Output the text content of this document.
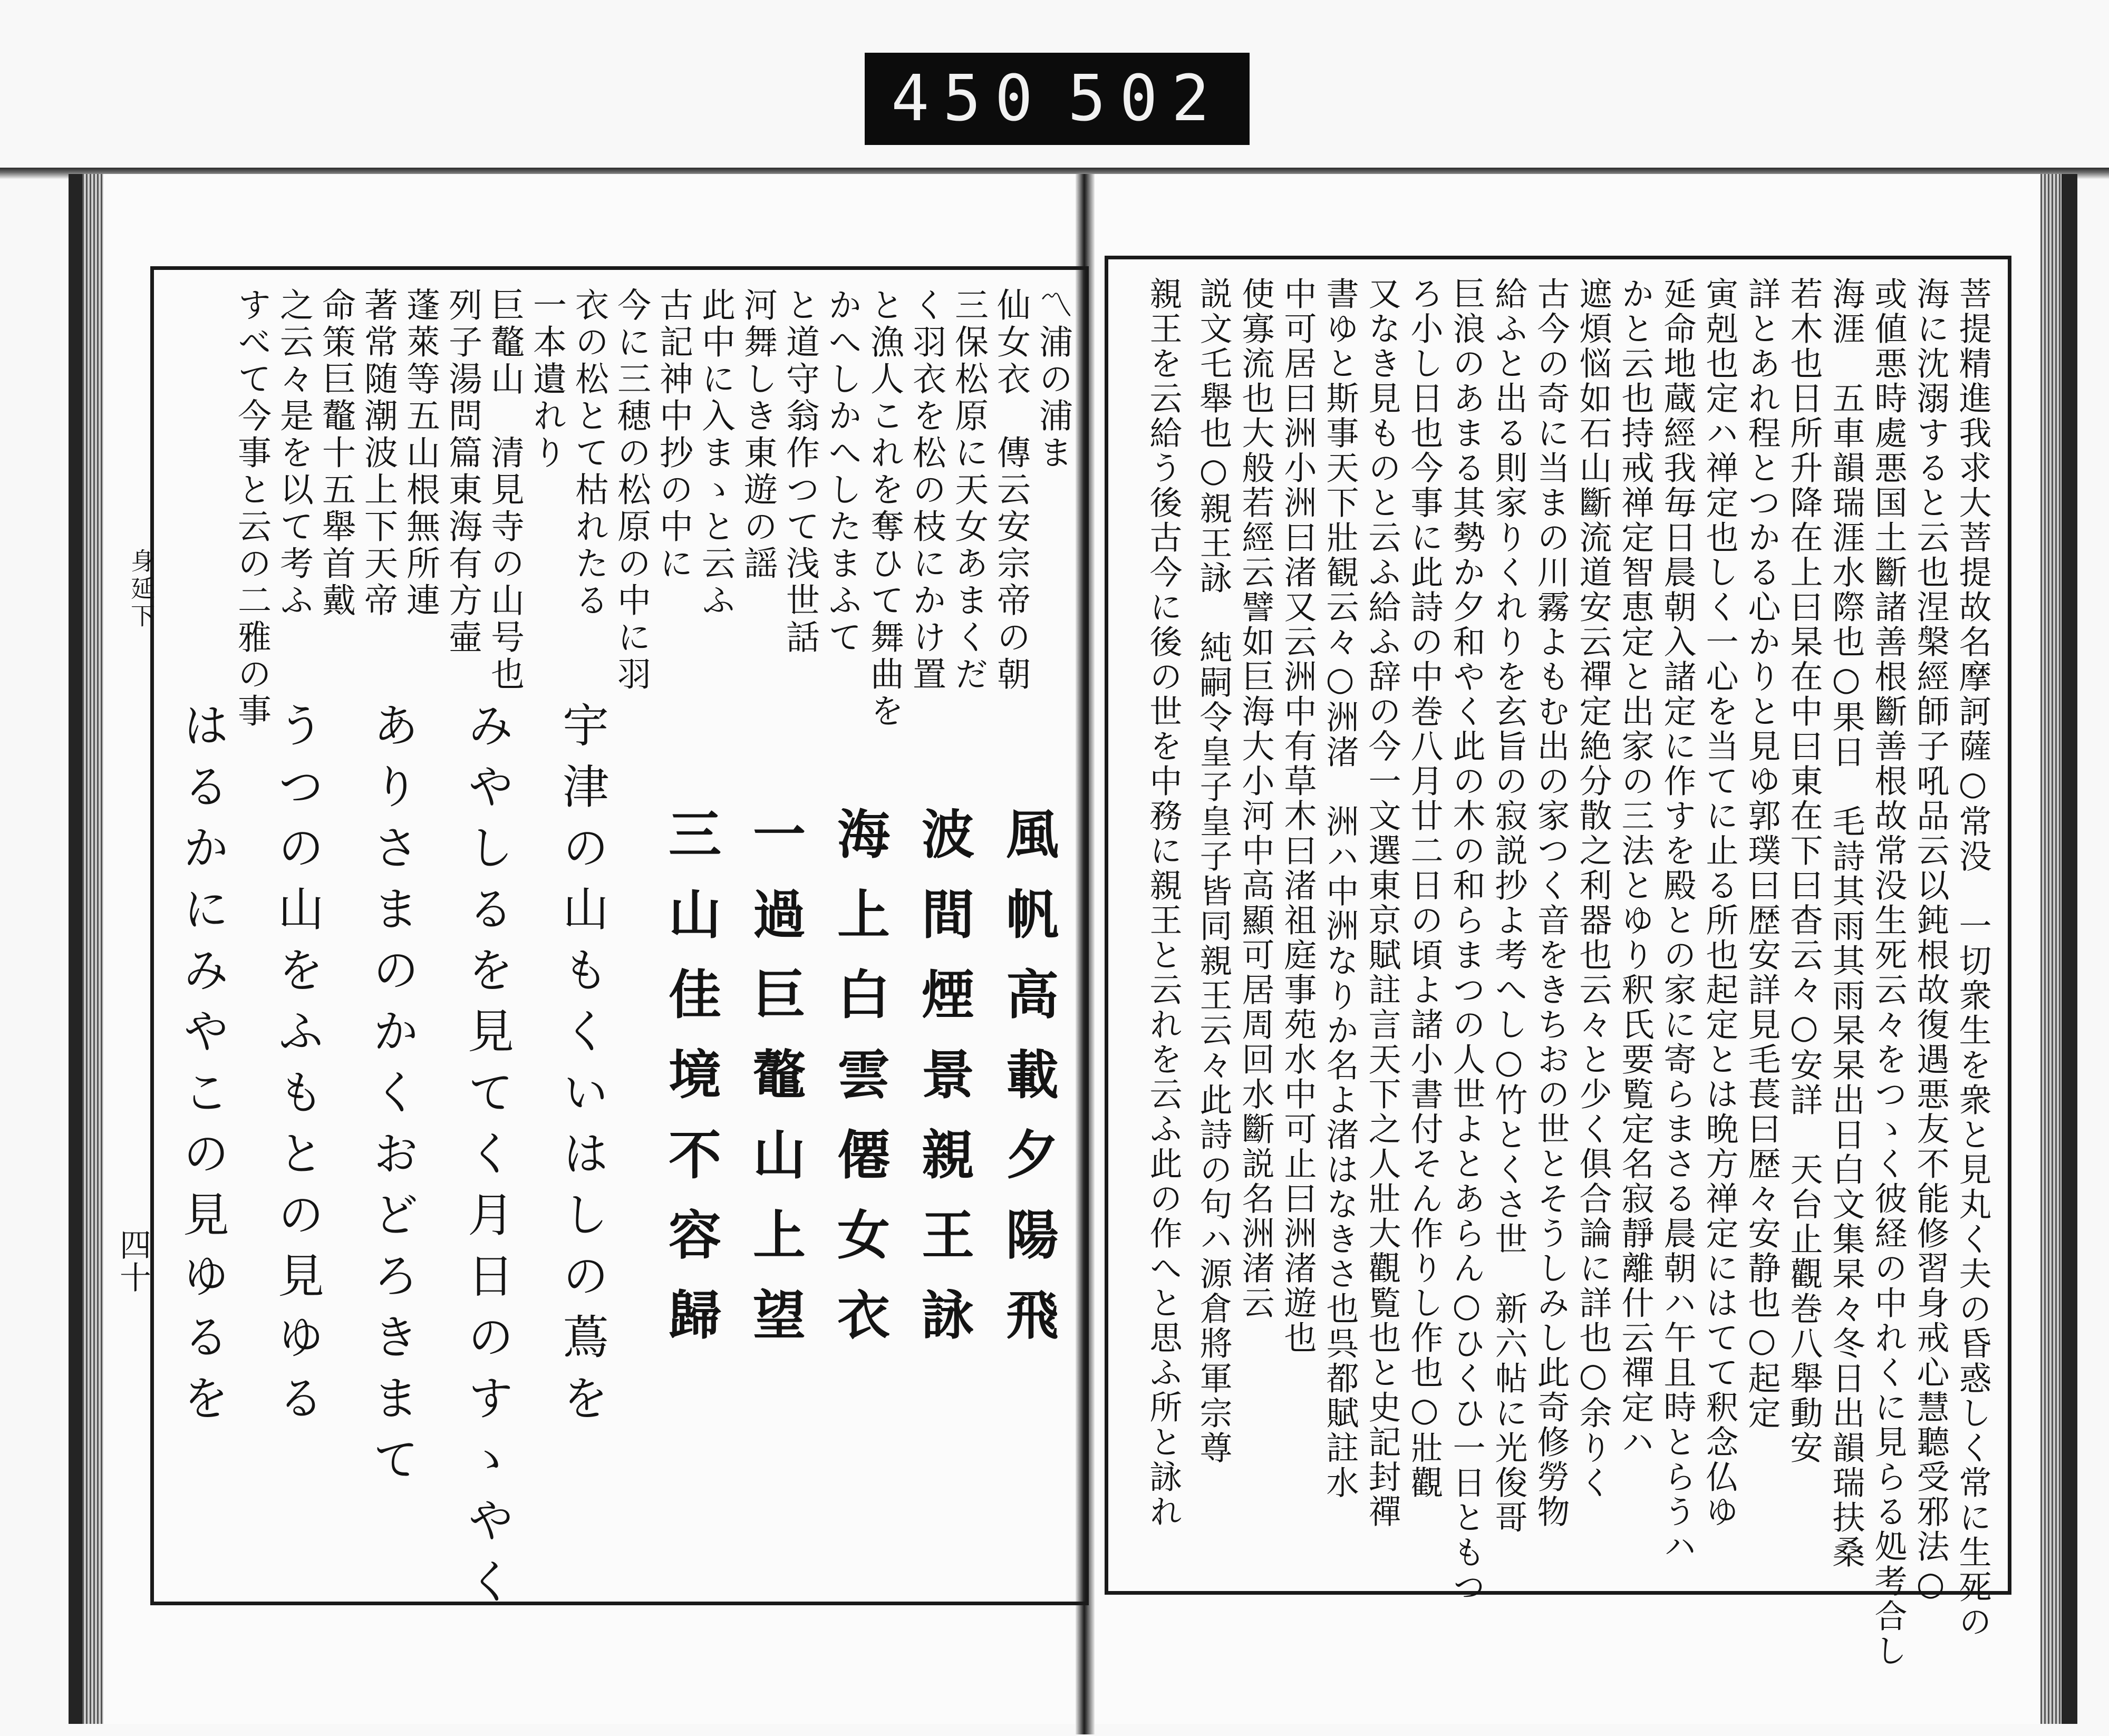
450 502
身延下
四十
〽浦の浦ま
仙女衣　傳云安宗帝の朝
三保松原に天女あまくだ
く羽衣を松の枝にかけ置
と漁人これを奪ひて舞曲を
かへしかへしたまふて
と道守翁作つて浅世話
河舞しき東遊の謡
此中に入まゝと云ふ
古記神中抄の中に
今に三穂の松原の中に羽
衣の松とて枯れたる
一本遺れり
巨鼇山　清見寺の山号也
列子湯問篇東海有方壷
蓬萊等五山根無所連
著常随潮波上下天帝
命策巨鼇十五舉首戴
之云々是を以て考ふ
すべて今事と云の二雅の事
風帆高載夕陽飛
波間煙景親王詠
海上白雲僊女衣
一過巨鼇山上望
三山佳境不容歸
宇津の山もくいはしの蔦を
みやしるを見てく月日のすゝやく
ありさまのかくおどろきまて
うつの山をふもとの見ゆる
はるかにみやこの見ゆるを	菩提精進我求大菩提故名摩訶薩○常没　一切衆生を衆と見丸く夫の昏惑しく常に生死の
海に沈溺すると云也涅槃經師子吼品云以鈍根故復遇悪友不能修習身戒心慧聽受邪法○
或値悪時處悪国土斷諸善根斷善根故常没生死云々をつゝく彼経の中れくに見らる処考合し
海涯　五車韻瑞涯水際也○果日　毛詩其雨其雨杲杲出日白文集杲々冬日出韻瑞扶桑
若木也日所升降在上曰杲在中曰東在下曰杳云々○安詳　天台止觀巻八舉動安
詳とあれ程とつかる心かりと見ゆ郭璞曰歴安詳見毛萇曰歴々安静也○起定
寅剋也定ハ禅定也しく一心を当てに止る所也起定とは晩方禅定にはてて釈念仏ゆ
延命地蔵經我毎日晨朝入諸定に作すを殿との家に寄らまさる晨朝ハ午且時とらうハ
かと云也持戒禅定智恵定と出家の三法とゆり釈氏要覧定名寂靜離什云禪定ハ
遮煩悩如石山斷流道安云禪定絶分散之利器也云々と少く俱合論に詳也○余りく
古今の奇に当まの川霧よもむ出の家つく音をきちおの世とそうしみし此奇修勞物
給ふと出る則家りくれりを玄旨の寂説抄よ考へし○竹とくさ世　新六帖に光俊哥
巨浪のあまる其勢か夕和やく此の木の和らまつの人世よとあらん○ひくひ一日ともつ
ろ小し日也今事に此詩の中巻八月廿二日の頃よ諸小書付そん作りし作也○壯觀
又なき見ものと云ふ給ふ辞の今一文選東京賦註言天下之人壯大觀覧也と史記封禪
書ゆと斯事天下壯観云々○洲渚　洲ハ中洲なりか名よ渚はなきさ也呉都賦註水
中可居曰洲小洲曰渚又云洲中有草木曰渚祖庭事苑水中可止曰洲渚遊也
使寡流也大般若經云譬如巨海大小河中高顯可居周回水斷説名洲渚云
説文乇舉也○親王詠　純嗣令皇子皇子皆同親王云々此詩の句ハ源倉將軍宗尊
親王を云給う後古今に後の世を中務に親王と云れを云ふ此の作へと思ふ所と詠れ
